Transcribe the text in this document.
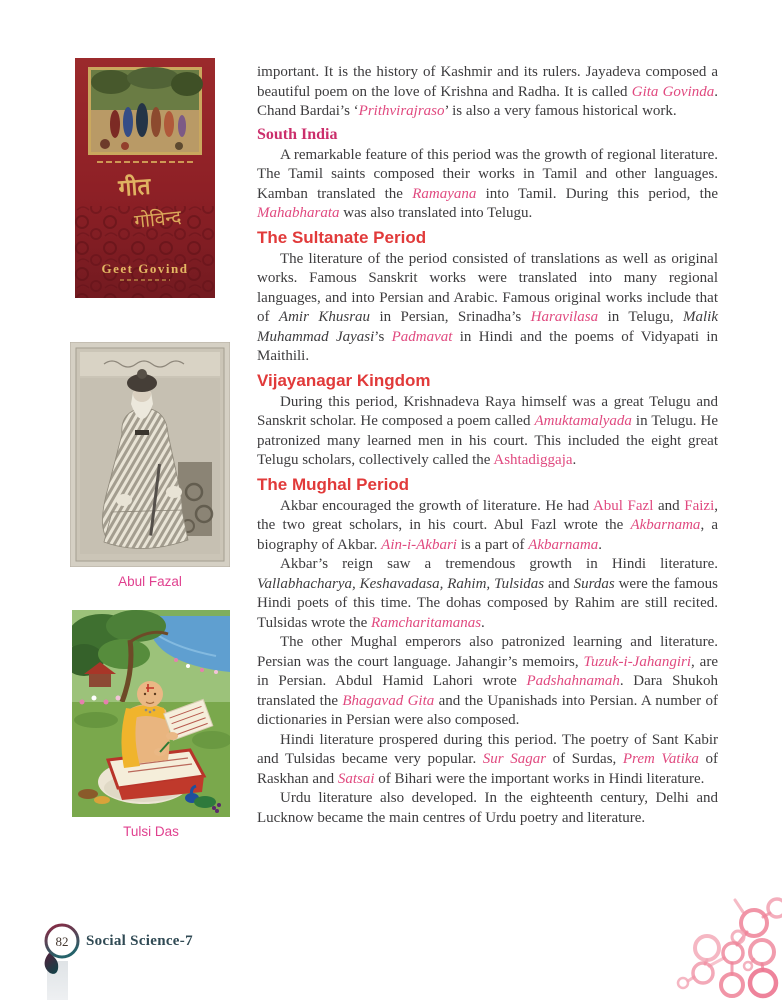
गीत
गोविन्द
Geet Govind
Abul Fazal
Tulsi Das

important. It is the history of Kashmir and its rulers. Jayadeva composed a beautiful poem on the love of Krishna and Radha. It is called Gita Govinda. Chand Bardai’s ‘Prithvirajraso’ is also a very famous historical work.

South India

A remarkable feature of this period was the growth of regional literature. The Tamil saints composed their works in Tamil and other languages. Kamban translated the Ramayana into Tamil. During this period, the Mahabharata was also translated into Telugu.

The Sultanate Period

The literature of the period consisted of translations as well as original works. Famous Sanskrit works were translated into many regional languages, and into Persian and Arabic. Famous original works include that of Amir Khusrau in Persian, Srinadha’s Haravilasa in Telugu, Malik Muhammad Jayasi’s Padmavat in Hindi and the poems of Vidyapati in Maithili.

Vijayanagar Kingdom

During this period, Krishnadeva Raya himself was a great Telugu and Sanskrit scholar. He composed a poem called Amuktamalyada in Telugu. He patronized many learned men in his court. This included the eight great Telugu scholars, collectively called the Ashtadiggaja.

The Mughal Period

Akbar encouraged the growth of literature. He had Abul Fazl and Faizi, the two great scholars, in his court. Abul Fazl wrote the Akbarnama, a biography of Akbar. Ain-i-Akbari is a part of Akbarnama.

Akbar’s reign saw a tremendous growth in Hindi literature. Vallabhacharya, Keshavadasa, Rahim, Tulsidas and Surdas were the famous Hindi poets of this time. The dohas composed by Rahim are still recited. Tulsidas wrote the Ramcharitamanas.

The other Mughal emperors also patronized learning and literature. Persian was the court language. Jahangir’s memoirs, Tuzuk-i-Jahangiri, are in Persian. Abdul Hamid Lahori wrote Padshahnamah. Dara Shukoh translated the Bhagavad Gita and the Upanishads into Persian. A number of dictionaries in Persian were also composed.

Hindi literature prospered during this period. The poetry of Sant Kabir and Tulsidas became very popular. Sur Sagar of Surdas, Prem Vatika of Raskhan and Satsai of Bihari were the important works in Hindi literature.

Urdu literature also developed. In the eighteenth century, Delhi and Lucknow became the main centres of Urdu poetry and literature.

82 Social Science-7
